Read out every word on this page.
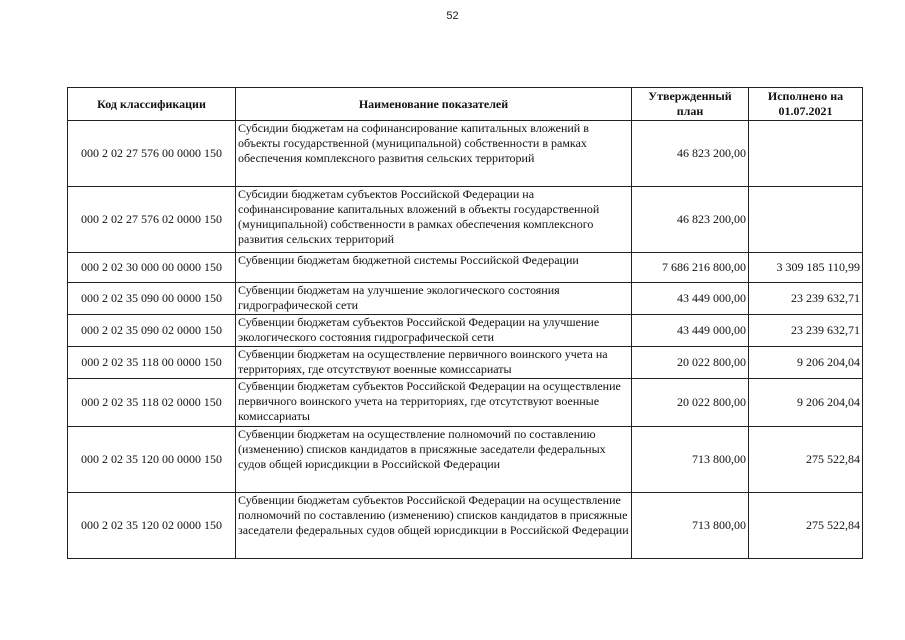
52
Код классификации	Наименование показателей	Утвержденный план	Исполнено на 01.07.2021
000 2 02 27 576 00 0000 150	Субсидии бюджетам на софинансирование капитальных вложений в объекты государственной (муниципальной) собственности в рамках обеспечения комплексного развития сельских территорий	46 823 200,00	
000 2 02 27 576 02 0000 150	Субсидии бюджетам субъектов Российской Федерации на софинансирование капитальных вложений в объекты государственной (муниципальной) собственности в рамках обеспечения комплексного развития сельских территорий	46 823 200,00	
000 2 02 30 000 00 0000 150	Субвенции бюджетам бюджетной системы Российской Федерации	7 686 216 800,00	3 309 185 110,99
000 2 02 35 090 00 0000 150	Субвенции бюджетам на улучшение экологического состояния гидрографической сети	43 449 000,00	23 239 632,71
000 2 02 35 090 02 0000 150	Субвенции бюджетам субъектов Российской Федерации на улучшение экологического состояния гидрографической сети	43 449 000,00	23 239 632,71
000 2 02 35 118 00 0000 150	Субвенции бюджетам на осуществление первичного воинского учета на территориях, где отсутствуют военные комиссариаты	20 022 800,00	9 206 204,04
000 2 02 35 118 02 0000 150	Субвенции бюджетам субъектов Российской Федерации на осуществление первичного воинского учета на территориях, где отсутствуют военные комиссариаты	20 022 800,00	9 206 204,04
000 2 02 35 120 00 0000 150	Субвенции бюджетам на осуществление полномочий по составлению (изменению) списков кандидатов в присяжные заседатели федеральных судов общей юрисдикции в Российской Федерации	713 800,00	275 522,84
000 2 02 35 120 02 0000 150	Субвенции бюджетам субъектов Российской Федерации на осуществление полномочий по составлению (изменению) списков кандидатов в присяжные заседатели федеральных судов общей юрисдикции в Российской Федерации	713 800,00	275 522,84
